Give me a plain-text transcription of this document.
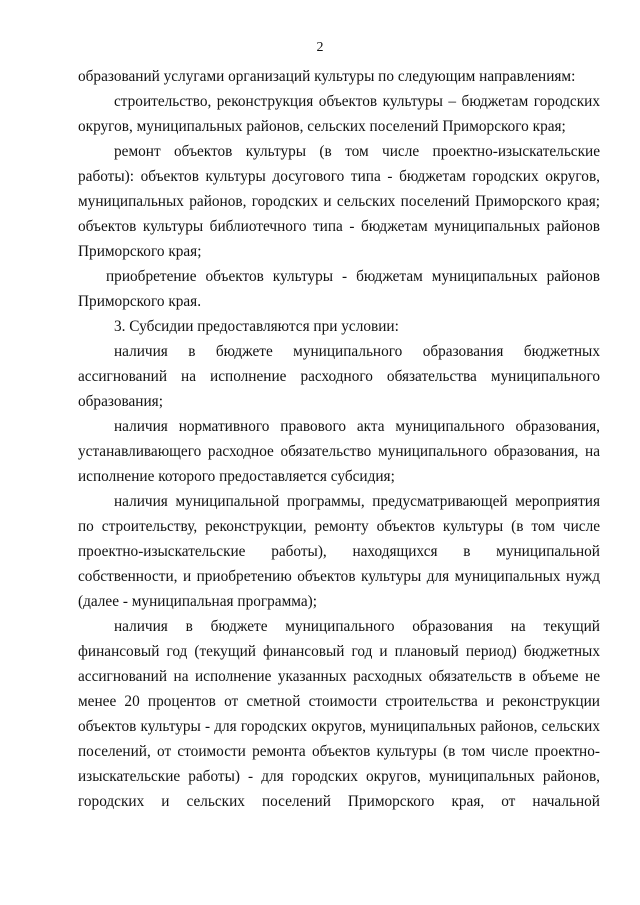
2

образований услугами организаций культуры по следующим направлениям:

строительство, реконструкция объектов культуры – бюджетам городских округов, муниципальных районов, сельских поселений Приморского края;

ремонт объектов культуры (в том числе проектно-изыскательские работы): объектов культуры досугового типа - бюджетам городских округов, муниципальных районов, городских и сельских поселений Приморского края; объектов культуры библиотечного типа - бюджетам муниципальных районов Приморского края;

приобретение объектов культуры - бюджетам муниципальных районов Приморского края.

3. Субсидии предоставляются при условии:

наличия в бюджете муниципального образования бюджетных ассигнований на исполнение расходного обязательства муниципального образования;

наличия нормативного правового акта муниципального образования, устанавливающего расходное обязательство муниципального образования, на исполнение которого предоставляется субсидия;

наличия муниципальной программы, предусматривающей мероприятия по строительству, реконструкции, ремонту объектов культуры (в том числе проектно-изыскательские работы), находящихся в муниципальной собственности, и приобретению объектов культуры для муниципальных нужд (далее - муниципальная программа);

наличия в бюджете муниципального образования на текущий финансовый год (текущий финансовый год и плановый период) бюджетных ассигнований на исполнение указанных расходных обязательств в объеме не менее 20 процентов от сметной стоимости строительства и реконструкции объектов культуры - для городских округов, муниципальных районов, сельских поселений, от стоимости ремонта объектов культуры (в том числе проектно-изыскательские работы) - для городских округов, муниципальных районов, городских и сельских поселений Приморского края, от начальной
